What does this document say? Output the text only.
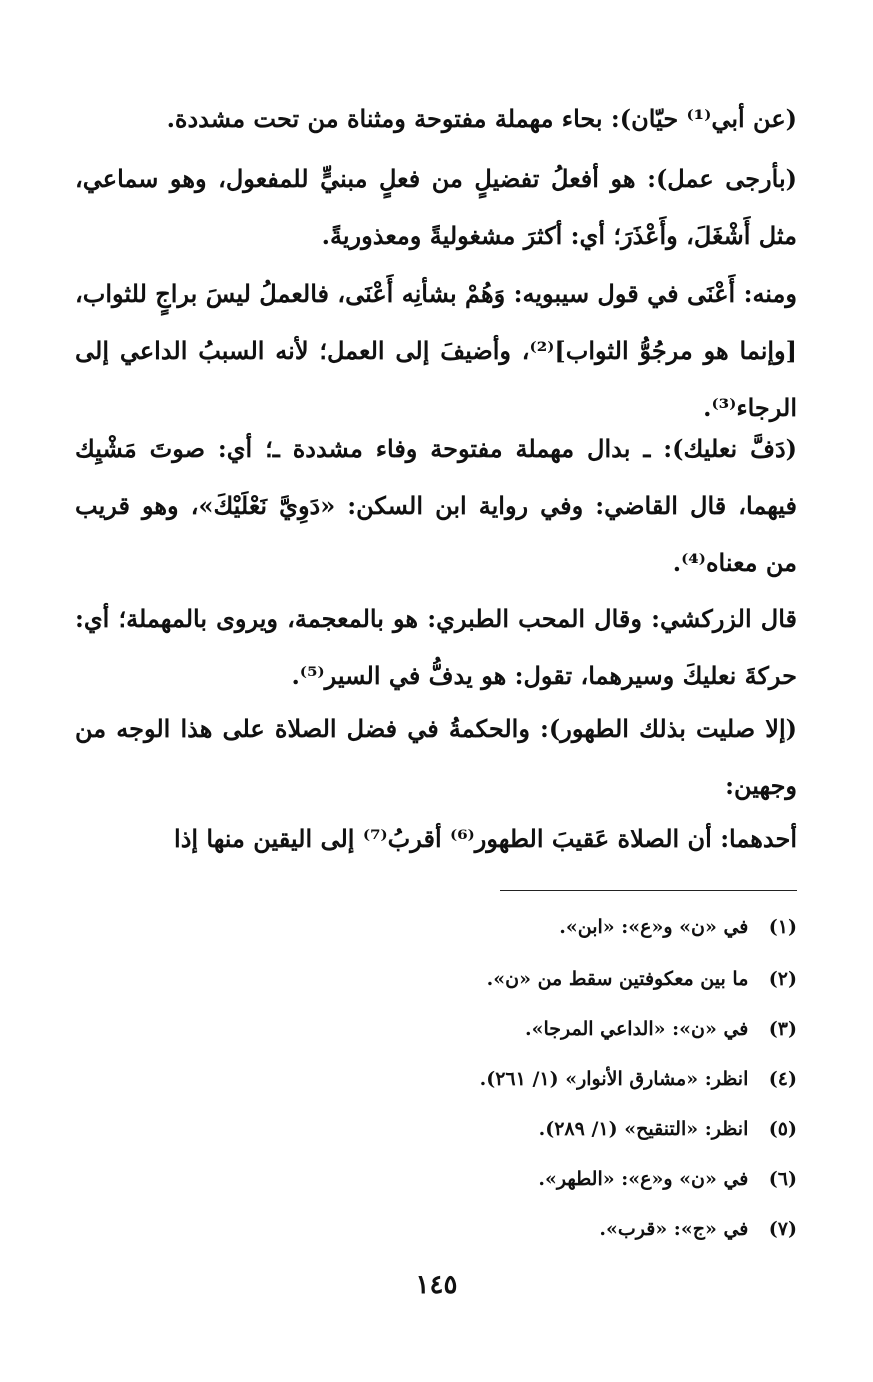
(عن أبي⁽¹⁾ حيّان): بحاء مهملة مفتوحة ومثناة من تحت مشددة.

(بأرجى عمل): هو أفعلُ تفضيلٍ من فعلٍ مبنيٍّ للمفعول، وهو سماعي، مثل أَشْغَلَ، وأَعْذَرَ؛ أي: أكثرَ مشغوليةً ومعذوريةً.

ومنه: أَعْنَى في قول سيبويه: وَهُمْ بشأنِه أَعْنَى، فالعملُ ليسَ براجٍ للثواب، [وإنما هو مرجُوُّ الثواب]⁽²⁾، وأضيفَ إلى العمل؛ لأنه السببُ الداعي إلى الرجاء⁽³⁾.

(دَفَّ نعليك): ـ بدال مهملة مفتوحة وفاء مشددة ـ؛ أي: صوتَ مَشْيِك فيهما، قال القاضي: وفي رواية ابن السكن: «دَوِيَّ نَعْلَيْكَ»، وهو قريب من معناه⁽⁴⁾.

قال الزركشي: وقال المحب الطبري: هو بالمعجمة، ويروى بالمهملة؛ أي: حركةَ نعليكَ وسيرهما، تقول: هو يدفُّ في السير⁽⁵⁾.

(إلا صليت بذلك الطهور): والحكمةُ في فضل الصلاة على هذا الوجه من وجهين:

أحدهما: أن الصلاة عَقيبَ الطهور⁽⁶⁾ أقربُ⁽⁷⁾ إلى اليقين منها إذا

(١) في «ن» و«ع»: «ابن».
(٢) ما بين معكوفتين سقط من «ن».
(٣) في «ن»: «الداعي المرجا».
(٤) انظر: «مشارق الأنوار» (١/ ٢٦١).
(٥) انظر: «التنقيح» (١/ ٢٨٩).
(٦) في «ن» و«ع»: «الطهر».
(٧) في «ج»: «قرب».
١٤٥
